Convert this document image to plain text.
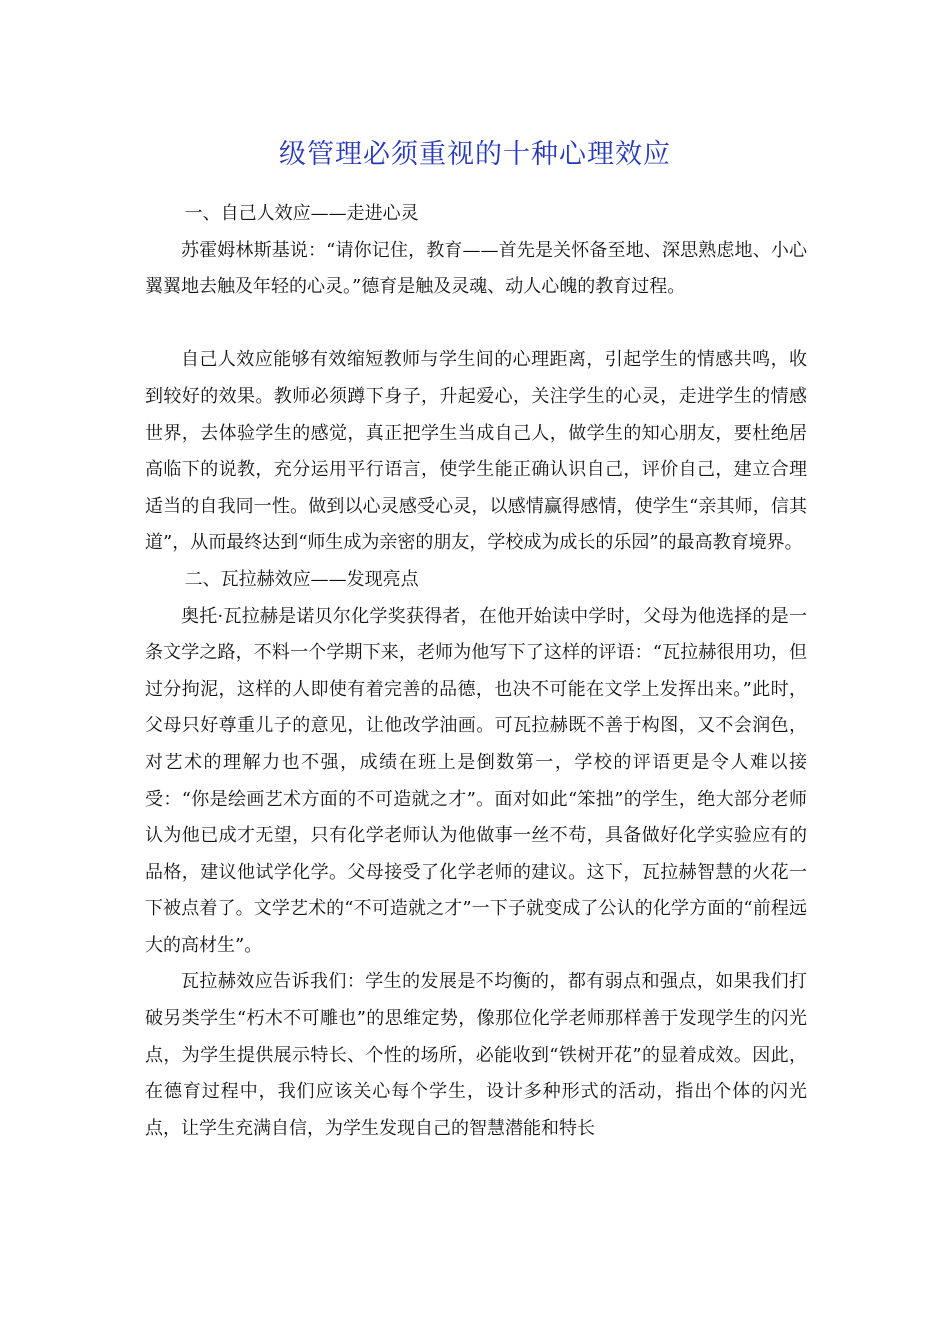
级管理必须重视的十种心理效应

一、自己人效应——走进心灵

苏霍姆林斯基说：“请你记住，教育——首先是关怀备至地、深思熟虑地、小心翼翼地去触及年轻的心灵。”德育是触及灵魂、动人心魄的教育过程。

自己人效应能够有效缩短教师与学生间的心理距离，引起学生的情感共鸣，收到较好的效果。教师必须蹲下身子，升起爱心，关注学生的心灵，走进学生的情感世界，去体验学生的感觉，真正把学生当成自己人，做学生的知心朋友，要杜绝居高临下的说教，充分运用平行语言，使学生能正确认识自己，评价自己，建立合理适当的自我同一性。做到以心灵感受心灵，以感情赢得感情，使学生“亲其师，信其道”，从而最终达到“师生成为亲密的朋友，学校成为成长的乐园”的最高教育境界。

二、瓦拉赫效应——发现亮点

奥托·瓦拉赫是诺贝尔化学奖获得者，在他开始读中学时，父母为他选择的是一条文学之路，不料一个学期下来，老师为他写下了这样的评语：“瓦拉赫很用功，但过分拘泥，这样的人即使有着完善的品德，也决不可能在文学上发挥出来。”此时，父母只好尊重儿子的意见，让他改学油画。可瓦拉赫既不善于构图，又不会润色，对艺术的理解力也不强，成绩在班上是倒数第一，学校的评语更是令人难以接受：“你是绘画艺术方面的不可造就之才”。面对如此“笨拙”的学生，绝大部分老师认为他已成才无望，只有化学老师认为他做事一丝不苟，具备做好化学实验应有的品格，建议他试学化学。父母接受了化学老师的建议。这下，瓦拉赫智慧的火花一下被点着了。文学艺术的“不可造就之才”一下子就变成了公认的化学方面的“前程远大的高材生”。

瓦拉赫效应告诉我们：学生的发展是不均衡的，都有弱点和强点，如果我们打破另类学生“朽木不可雕也”的思维定势，像那位化学老师那样善于发现学生的闪光点，为学生提供展示特长、个性的场所，必能收到“铁树开花”的显着成效。因此，在德育过程中，我们应该关心每个学生，设计多种形式的活动，指出个体的闪光点，让学生充满自信，为学生发现自己的智慧潜能和特长
